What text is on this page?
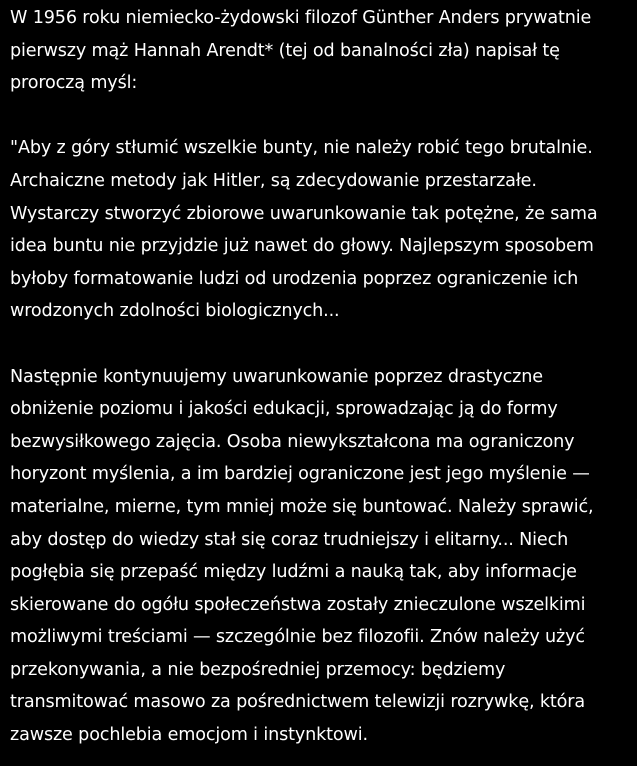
W 1956 roku niemiecko-żydowski filozof Günther Anders prywatnie
pierwszy mąż Hannah Arendt* (tej od banalności zła) napisał tę
proroczą myśl:
"Aby z góry stłumić wszelkie bunty, nie należy robić tego brutalnie.
Archaiczne metody jak Hitler, są zdecydowanie przestarzałe.
Wystarczy stworzyć zbiorowe uwarunkowanie tak potężne, że sama
idea buntu nie przyjdzie już nawet do głowy. Najlepszym sposobem
byłoby formatowanie ludzi od urodzenia poprzez ograniczenie ich
wrodzonych zdolności biologicznych...
Następnie kontynuujemy uwarunkowanie poprzez drastyczne
obniżenie poziomu i jakości edukacji, sprowadzając ją do formy
bezwysiłkowego zajęcia. Osoba niewykształcona ma ograniczony
horyzont myślenia, a im bardziej ograniczone jest jego myślenie —
materialne, mierne, tym mniej może się buntować. Należy sprawić,
aby dostęp do wiedzy stał się coraz trudniejszy i elitarny... Niech
pogłębia się przepaść między ludźmi a nauką tak, aby informacje
skierowane do ogółu społeczeństwa zostały znieczulone wszelkimi
możliwymi treściami — szczególnie bez filozofii. Znów należy użyć
przekonywania, a nie bezpośredniej przemocy: będziemy
transmitować masowo za pośrednictwem telewizji rozrywkę, która
zawsze pochlebia emocjom i instynktowi.
